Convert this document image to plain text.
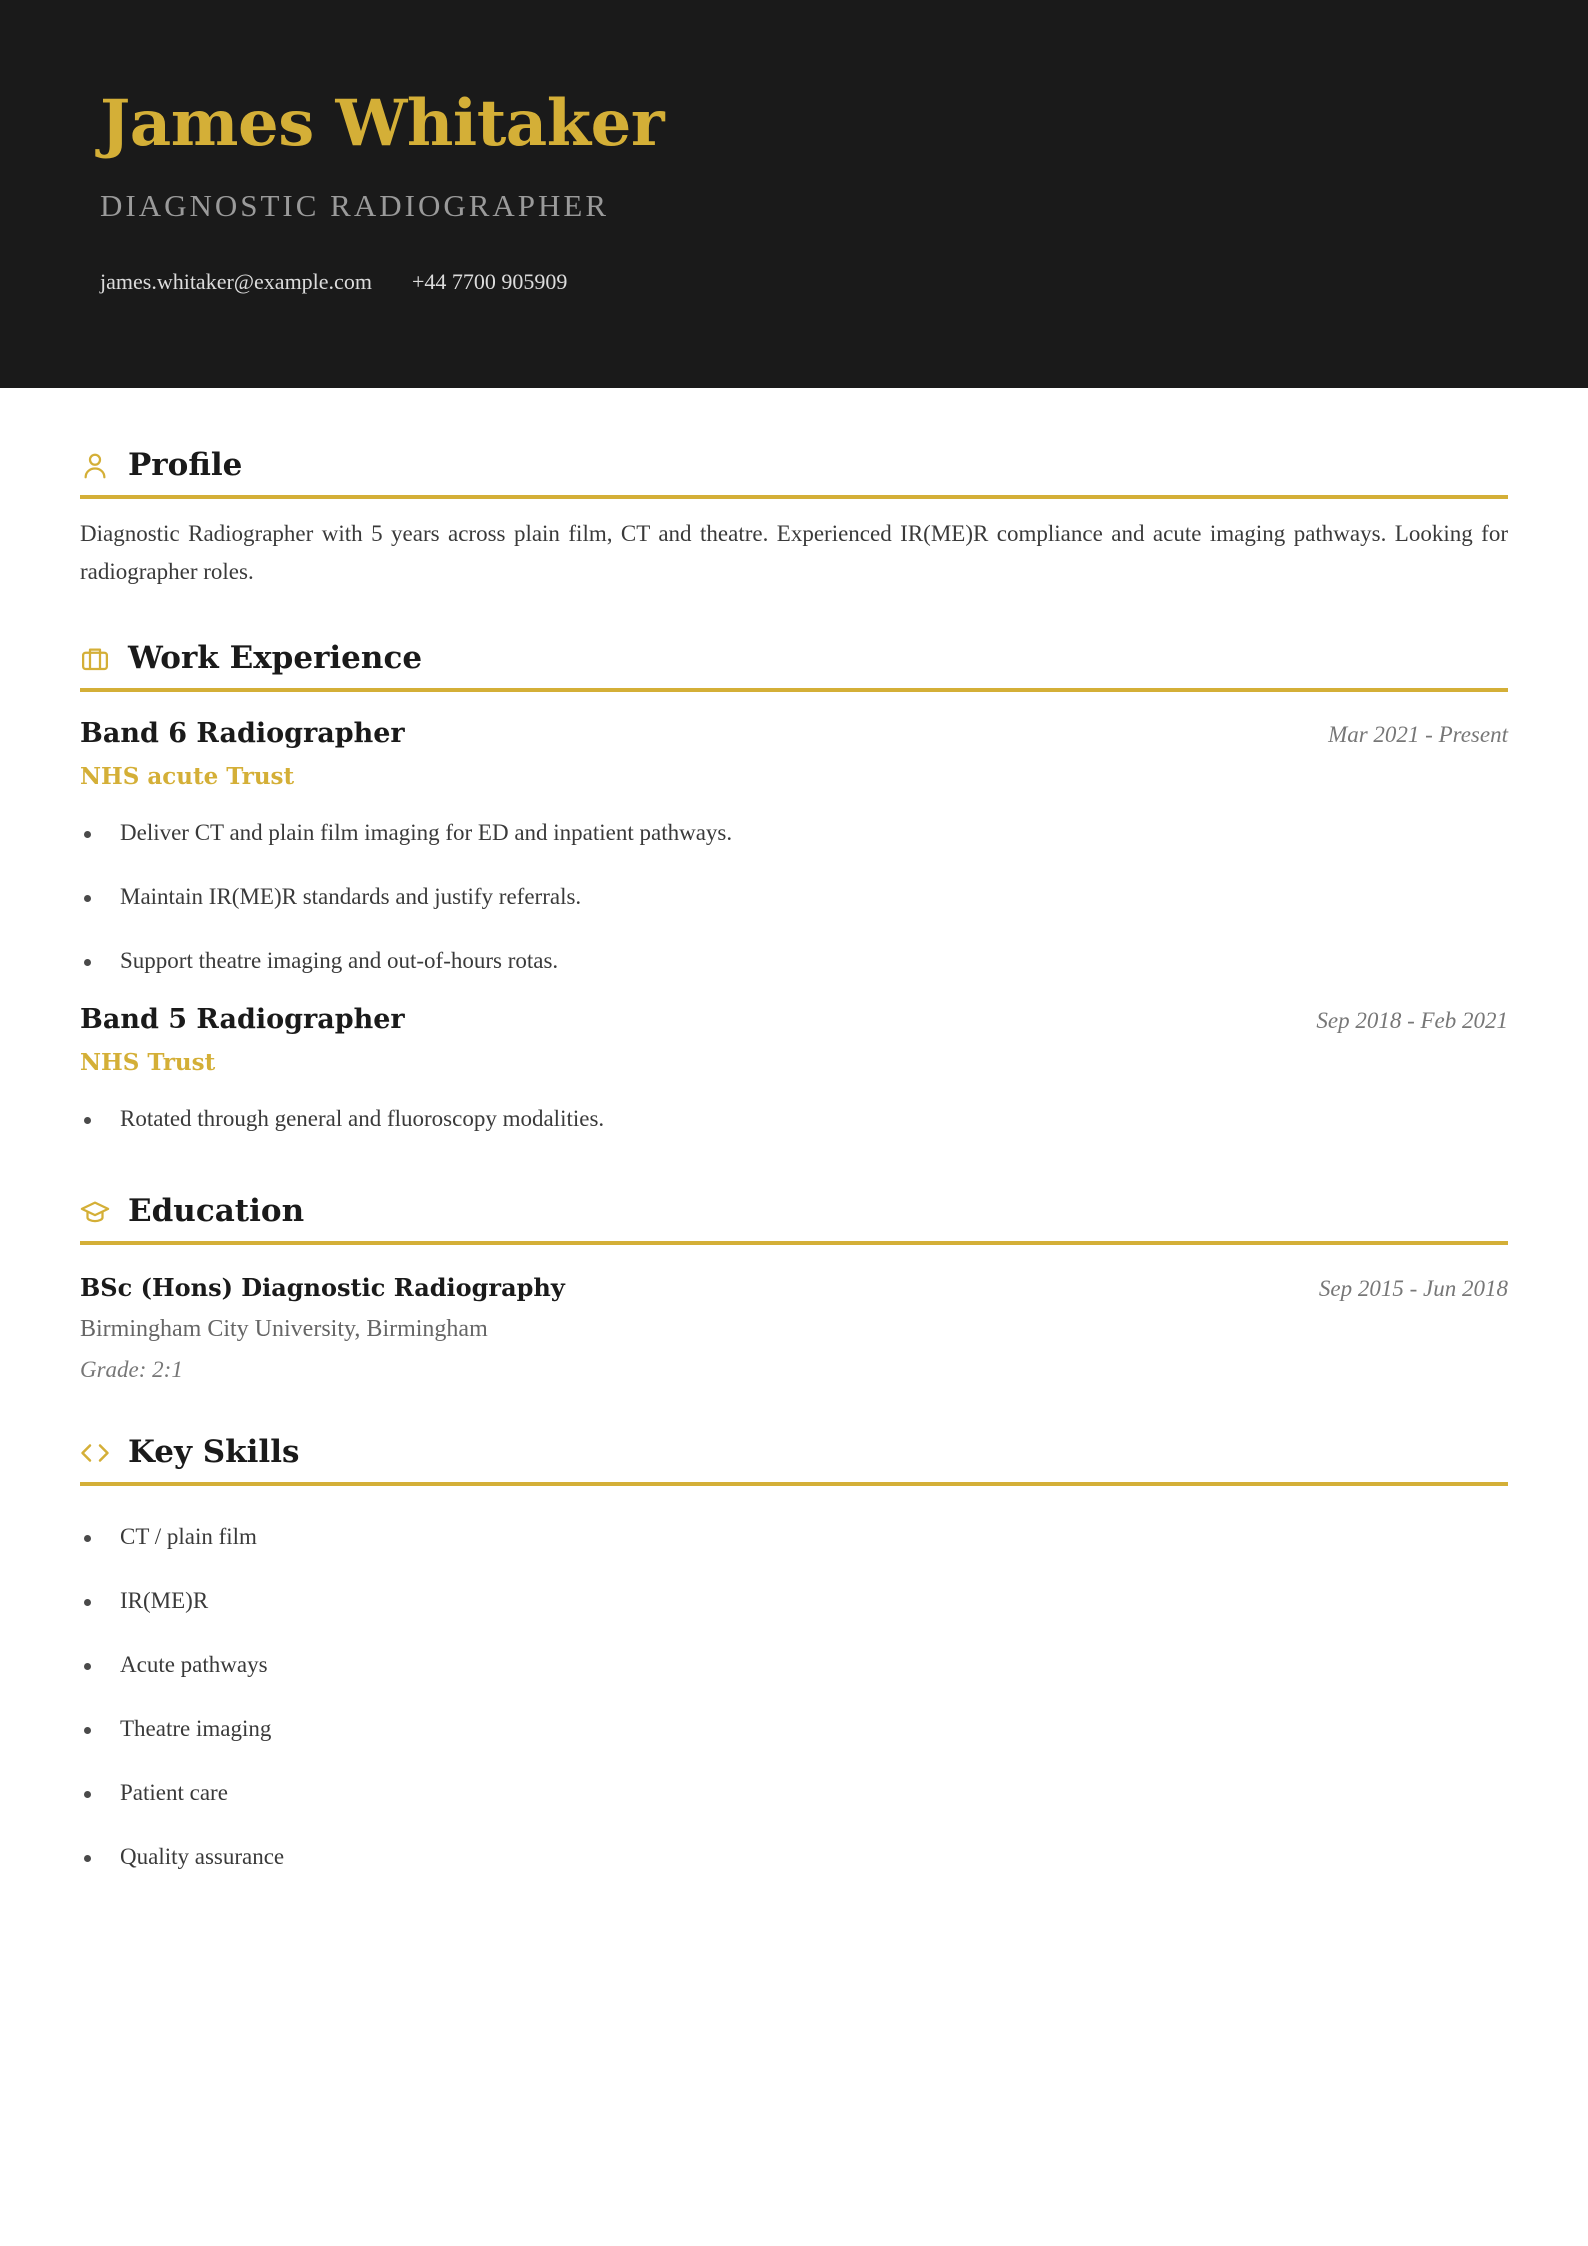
James Whitaker
DIAGNOSTIC RADIOGRAPHER
james.whitaker@example.com +44 7700 905909
Profile
Diagnostic Radiographer with 5 years across plain film, CT and theatre. Experienced IR(ME)R compliance and acute imaging pathways. Looking for radiographer roles.
Work Experience
Band 6 Radiographer	Mar 2021 - Present
NHS acute Trust
Deliver CT and plain film imaging for ED and inpatient pathways.
Maintain IR(ME)R standards and justify referrals.
Support theatre imaging and out-of-hours rotas.
Band 5 Radiographer	Sep 2018 - Feb 2021
NHS Trust
Rotated through general and fluoroscopy modalities.
Education
BSc (Hons) Diagnostic Radiography	Sep 2015 - Jun 2018
Birmingham City University, Birmingham
Grade: 2:1
Key Skills
CT / plain film
IR(ME)R
Acute pathways
Theatre imaging
Patient care
Quality assurance
